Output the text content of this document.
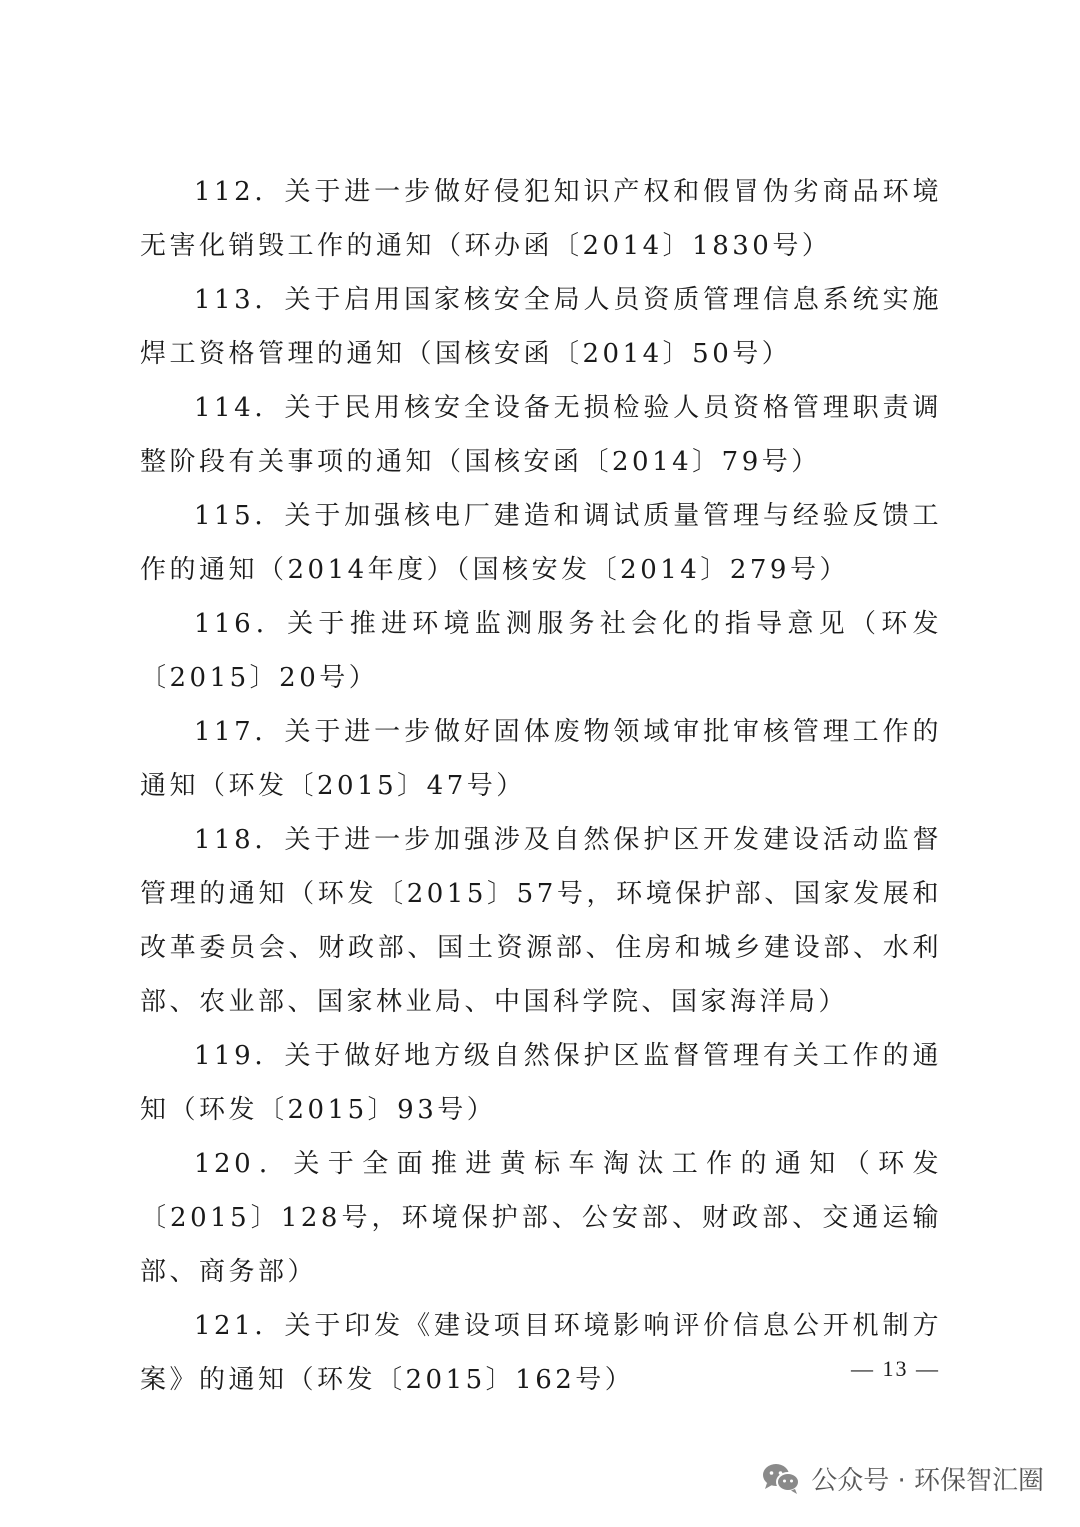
112．关于进一步做好侵犯知识产权和假冒伪劣商品环境无害化销毁工作的通知（环办函〔2014〕1830号）

113．关于启用国家核安全局人员资质管理信息系统实施焊工资格管理的通知（国核安函〔2014〕50号）

114．关于民用核安全设备无损检验人员资格管理职责调整阶段有关事项的通知（国核安函〔2014〕79号）

115．关于加强核电厂建造和调试质量管理与经验反馈工作的通知（2014年度）（国核安发〔2014〕279号）

116．关于推进环境监测服务社会化的指导意见（环发〔2015〕20号）

117．关于进一步做好固体废物领域审批审核管理工作的通知（环发〔2015〕47号）

118．关于进一步加强涉及自然保护区开发建设活动监督管理的通知（环发〔2015〕57号，环境保护部、国家发展和改革委员会、财政部、国土资源部、住房和城乡建设部、水利部、农业部、国家林业局、中国科学院、国家海洋局）

119．关于做好地方级自然保护区监督管理有关工作的通知（环发〔2015〕93号）

120．关于全面推进黄标车淘汰工作的通知（环发〔2015〕128号，环境保护部、公安部、财政部、交通运输部、商务部）

121．关于印发《建设项目环境影响评价信息公开机制方案》的通知（环发〔2015〕162号）	— 13 —
公众号 · 环保智汇圈
